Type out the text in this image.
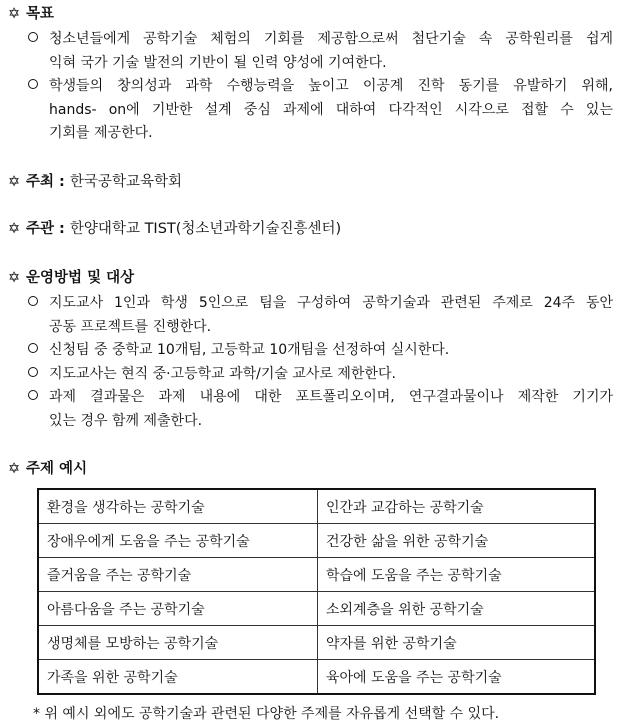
✡ 목표
청소년들에게 공학기술 체험의 기회를 제공함으로써 첨단기술 속 공학원리를 쉽게
익혀 국가 기술 발전의 기반이 될 인력 양성에 기여한다.
학생들의 창의성과 과학 수행능력을 높이고 이공계 진학 동기를 유발하기 위해,
hands- on에 기반한 설계 중심 과제에 대하여 다각적인 시각으로 접할 수 있는
기회를 제공한다.
✡ 주최 : 한국공학교육학회
✡ 주관 : 한양대학교 TIST(청소년과학기술진흥센터)
✡ 운영방법 및 대상
지도교사 1인과 학생 5인으로 팀을 구성하여 공학기술과 관련된 주제로 24주 동안
공동 프로젝트를 진행한다.
신청팀 중 중학교 10개팀, 고등학교 10개팀을 선정하여 실시한다.
지도교사는 현직 중·고등학교 과학/기술 교사로 제한한다.
과제 결과물은 과제 내용에 대한 포트폴리오이며, 연구결과물이나 제작한 기기가
있는 경우 함께 제출한다.
✡ 주제 예시
환경을 생각하는 공학기술	인간과 교감하는 공학기술
장애우에게 도움을 주는 공학기술	건강한 삶을 위한 공학기술
즐거움을 주는 공학기술	학습에 도움을 주는 공학기술
아름다움을 주는 공학기술	소외계층을 위한 공학기술
생명체를 모방하는 공학기술	약자를 위한 공학기술
가족을 위한 공학기술	육아에 도움을 주는 공학기술
* 위 예시 외에도 공학기술과 관련된 다양한 주제를 자유롭게 선택할 수 있다.
